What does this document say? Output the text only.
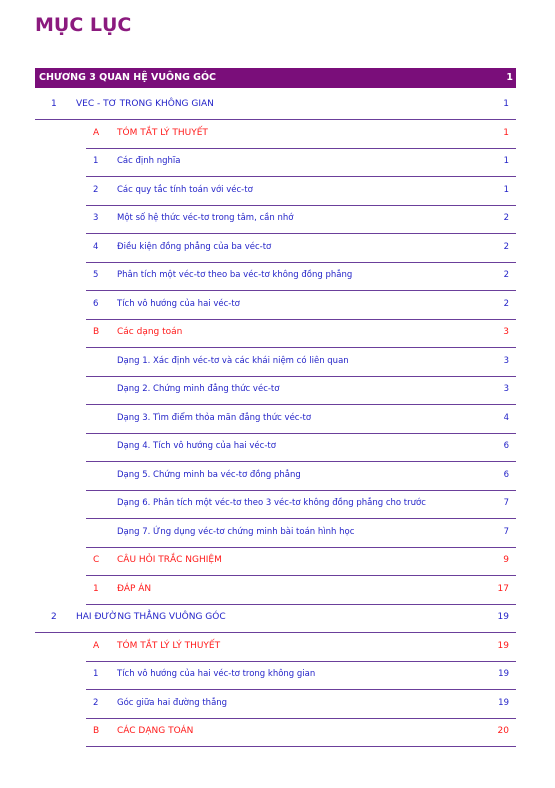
MỤC LỤC
CHƯƠNG 3 QUAN HỆ VUÔNG GÓC	1
1 VEC - TƠ TRONG KHÔNG GIAN	1
A TÓM TẮT LÝ THUYẾT	1
1 Các định nghĩa	1
2 Các quy tắc tính toán với véc-tơ	1
3 Một số hệ thức véc-tơ trong tâm, cần nhớ	2
4 Điều kiện đồng phẳng của ba véc-tơ	2
5 Phân tích một véc-tơ theo ba véc-tơ không đồng phẳng	2
6 Tích vô hướng của hai véc-tơ	2
B Các dạng toán	3
Dạng 1. Xác định véc-tơ và các khái niệm có liên quan	3
Dạng 2. Chứng minh đẳng thức véc-tơ	3
Dạng 3. Tìm điểm thỏa mãn đẳng thức véc-tơ	4
Dạng 4. Tích vô hướng của hai véc-tơ	6
Dạng 5. Chứng minh ba véc-tơ đồng phẳng	6
Dạng 6. Phân tích một véc-tơ theo 3 véc-tơ không đồng phẳng cho trước	7
Dạng 7. Ứng dụng véc-tơ chứng minh bài toán hình học	7
C CÂU HỎI TRẮC NGHIỆM	9
1 ĐÁP ÁN	17
2 HAI ĐƯỜNG THẲNG VUÔNG GÓC	19
A TÓM TẮT LÝ LÝ THUYẾT	19
1 Tích vô hướng của hai véc-tơ trong không gian	19
2 Góc giữa hai đường thẳng	19
B CÁC DẠNG TOÁN	20
